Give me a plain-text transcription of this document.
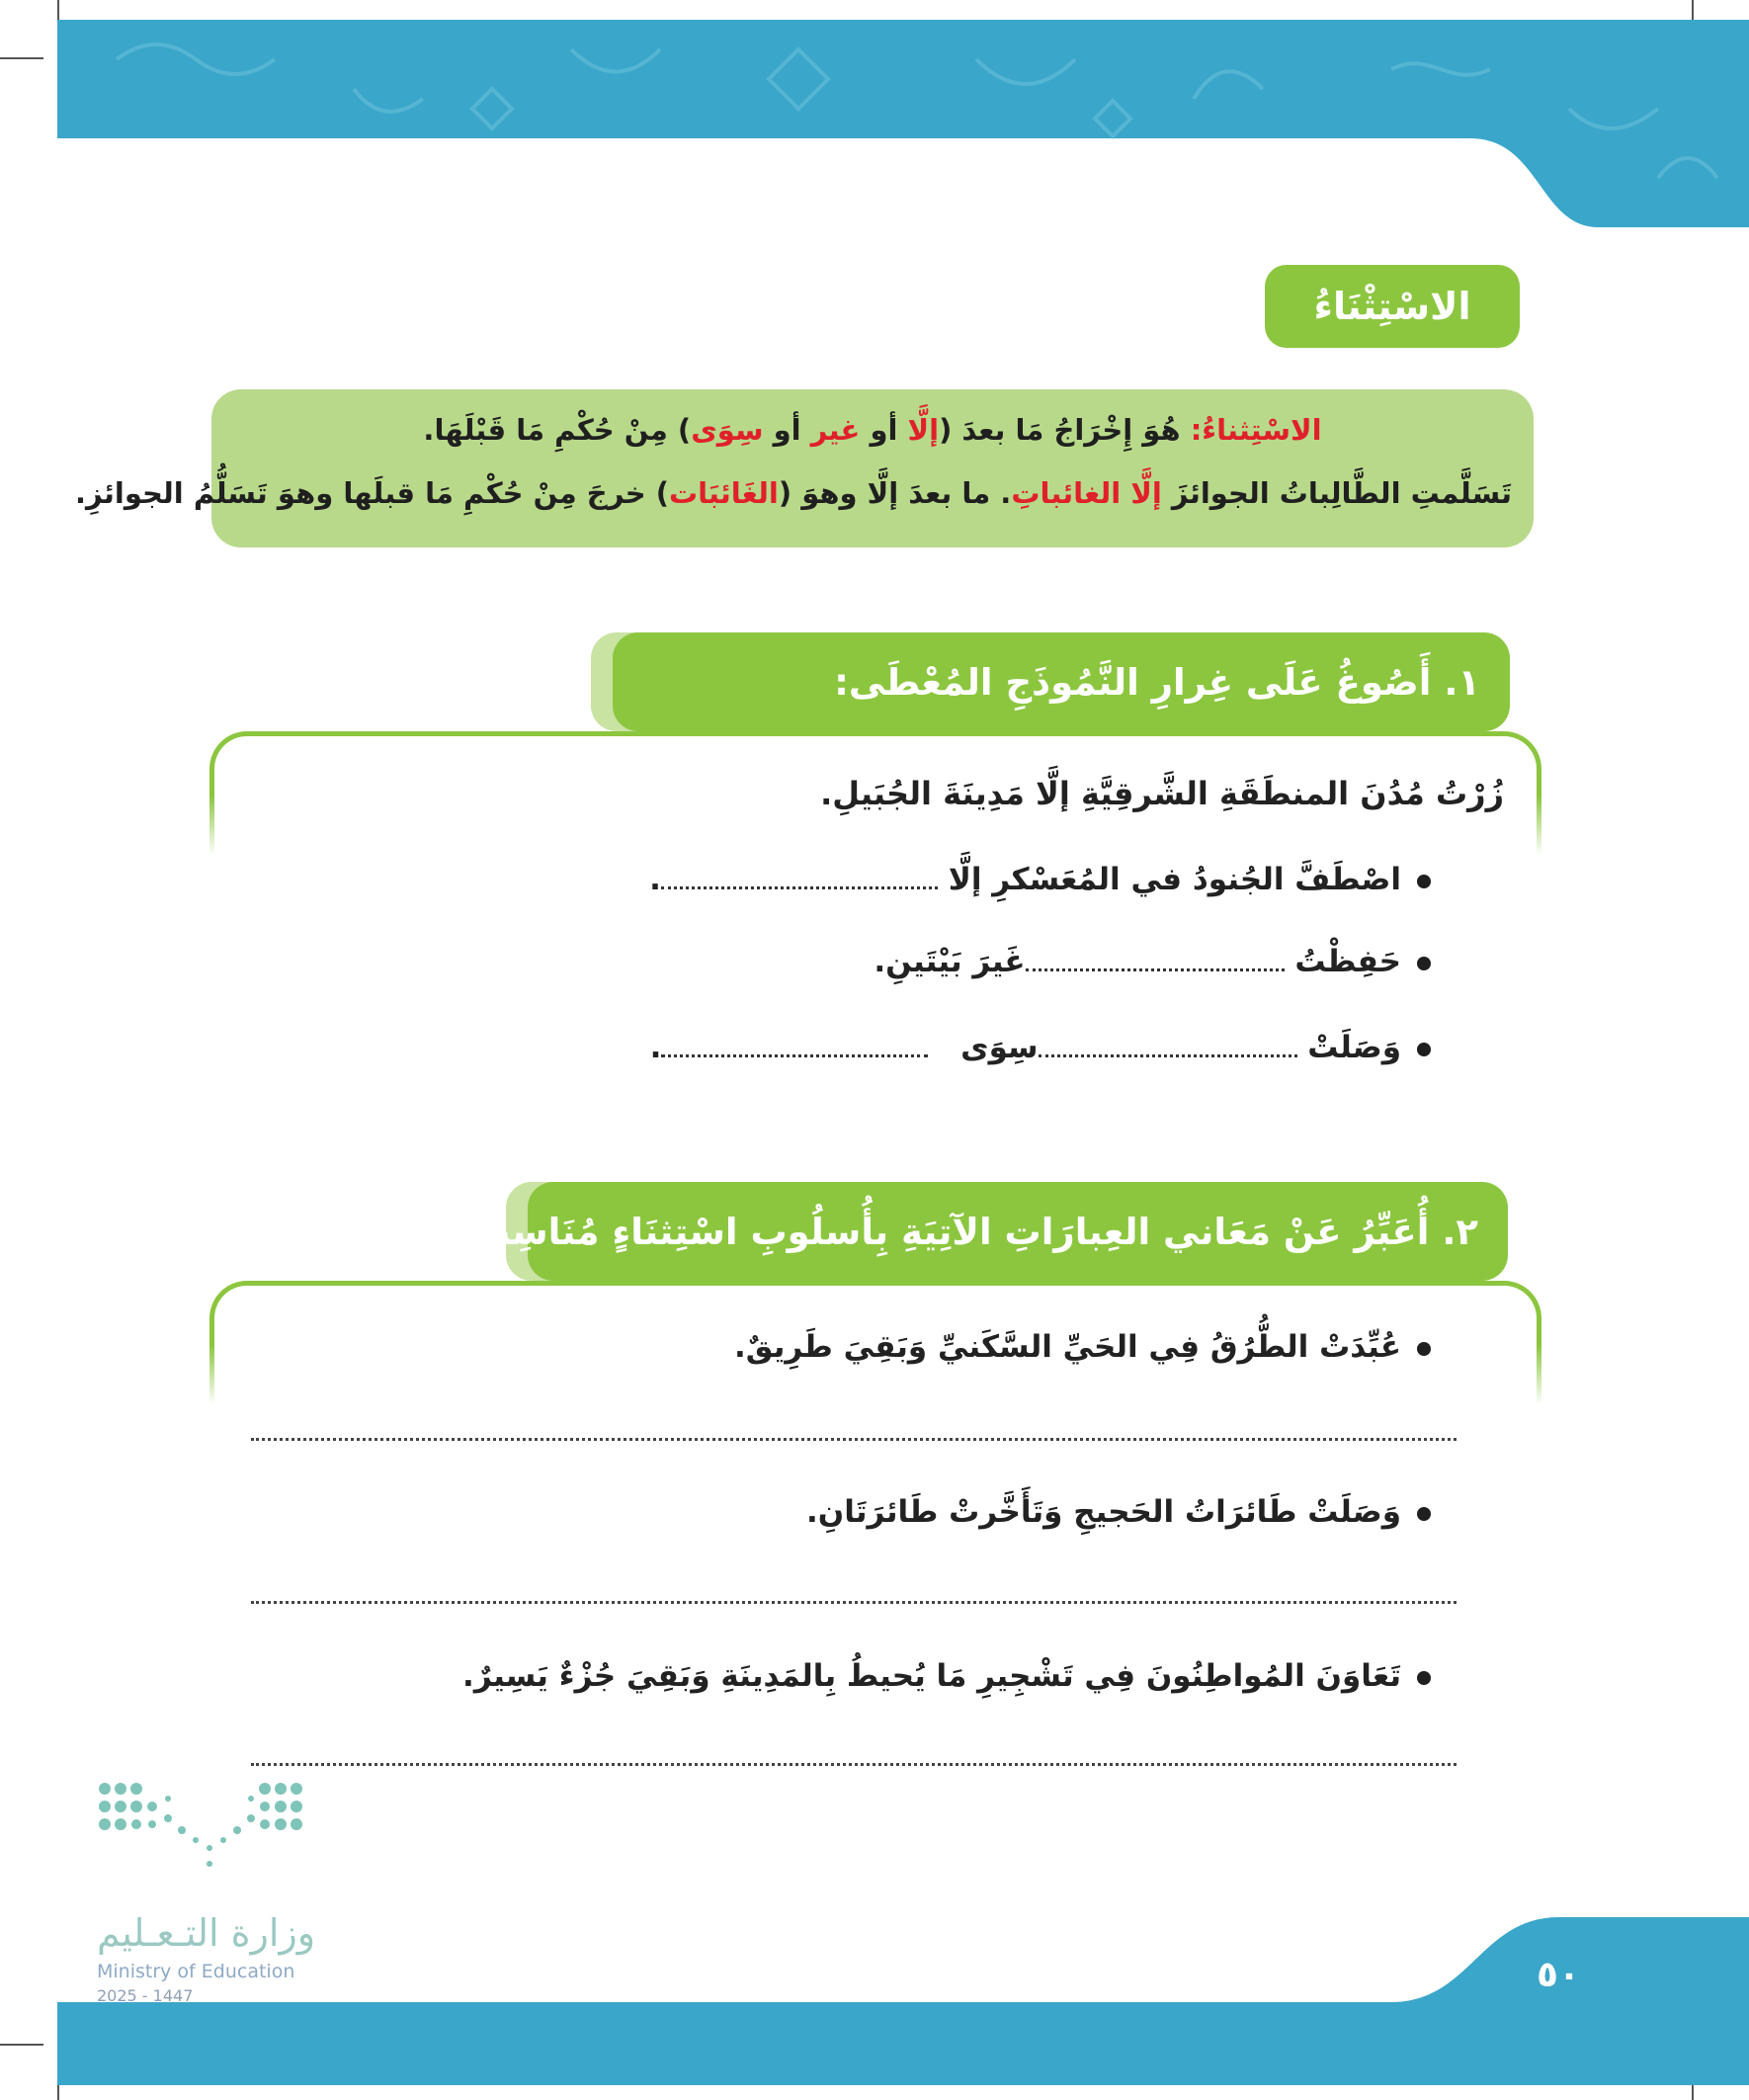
الاسْتِثْنَاءُ
الاسْتِثناءُ: هُوَ إِخْرَاجُ مَا بعدَ (إلَّا أو غير أو سِوَى) مِنْ حُكْمِ مَا قَبْلَهَا.
تَسَلَّمتِ الطَّالِباتُ الجوائزَ إلَّا الغائباتِ. ما بعدَ إلَّا وهوَ (الغَائبَات) خرجَ مِنْ حُكْمِ مَا قبلَها وهوَ تَسَلُّمُ الجوائزِ.
١. أَصُوغُ عَلَى غِرارِ النَّمُوذَجِ المُعْطَى:
زُرْتُ مُدُنَ المنطَقَةِ الشَّرقِيَّةِ إلَّا مَدِينَةَ الجُبَيلِ.
اصْطَفَّ الجُنودُ في المُعَسْكرِ إلَّا .
حَفِظْتُ غَيرَ بَيْتَينِ.
وَصَلَتْ سِوَى .
٢. أُعَبِّرُ عَنْ مَعَاني العِبارَاتِ الآتِيَةِ بِأُسلُوبِ اسْتِثنَاءٍ مُنَاسِبٍ:
عُبِّدَتْ الطُّرُقُ فِي الحَيِّ السَّكَنيِّ وَبَقِيَ طَرِيقٌ.
وَصَلَتْ طَائرَاتُ الحَجيجِ وَتَأَخَّرتْ طَائرَتَانِ.
تَعَاوَنَ المُواطِنُونَ فِي تَشْجِيرِ مَا يُحيطُ بِالمَدِينَةِ وَبَقِيَ جُزْءٌ يَسِيرٌ.
٥٠
وزارة التـعـليم
Ministry of Education
2025 - 1447
